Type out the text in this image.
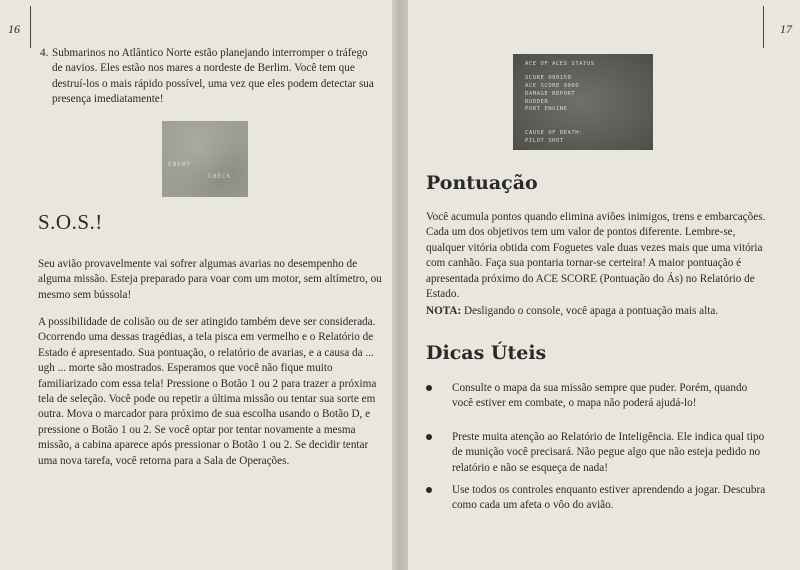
16
4. Submarinos no Atlântico Norte estão planejando interromper o tráfego de navios. Eles estão nos mares a nordeste de Berlim. Você tem que destruí-los o mais rápido possível, uma vez que eles podem detectar sua presença imediatamente!
ENEMY
CHECK
S.O.S.!

Seu avião provavelmente vai sofrer algumas avarias no desempenho de alguma missão. Esteja preparado para voar com um motor, sem altímetro, ou mesmo sem bússola!

A possibilidade de colisão ou de ser atingido também deve ser considerada. Ocorrendo uma dessas tragédias, a tela pisca em vermelho e o Relatório de Estado é apresentado. Sua pontuação, o relatório de avarias, e a causa da ... ugh ... morte são mostrados. Esperamos que você não fique muito familiarizado com essa tela! Pressione o Botão 1 ou 2 para trazer a próxima tela de seleção. Você pode ou repetir a última missão ou tentar sua sorte em outra. Mova o marcador para próximo de sua escolha usando o Botão D, e pressione o Botão 1 ou 2. Se você optar por tentar novamente a mesma missão, a cabina aparece após pressionar o Botão 1 ou 2. Se decidir tentar uma nova tarefa, você retorna para a Sala de Operações.

17
ACE OF ACES STATUS
SCORE 000150
ACE SCORE 9000
DAMAGE REPORT
RUDDER
PORT ENGINE
CAUSE OF DEATH:
PILOT SHOT
Pontuação

Você acumula pontos quando elimina aviões inimigos, trens e embarcações. Cada um dos objetivos tem um valor de pontos diferente. Lembre-se, qualquer vitória obtida com Foguetes vale duas vezes mais que uma vitória com canhão. Faça sua pontaria tornar-se certeira! A maior pontuação é apresentada próximo do ACE SCORE (Pontuação do Ás) no Relatório de Estado.

NOTA: Desligando o console, você apaga a pontuação mais alta.

Dicas Úteis
Consulte o mapa da sua missão sempre que puder. Porém, quando você estiver em combate, o mapa não poderá ajudá-lo!
Preste muita atenção ao Relatório de Inteligência. Ele indica qual tipo de munição você precisará. Não pegue algo que não esteja pedido no relatório e não se esqueça de nada!
Use todos os controles enquanto estiver aprendendo a jogar. Descubra como cada um afeta o vôo do avião.
